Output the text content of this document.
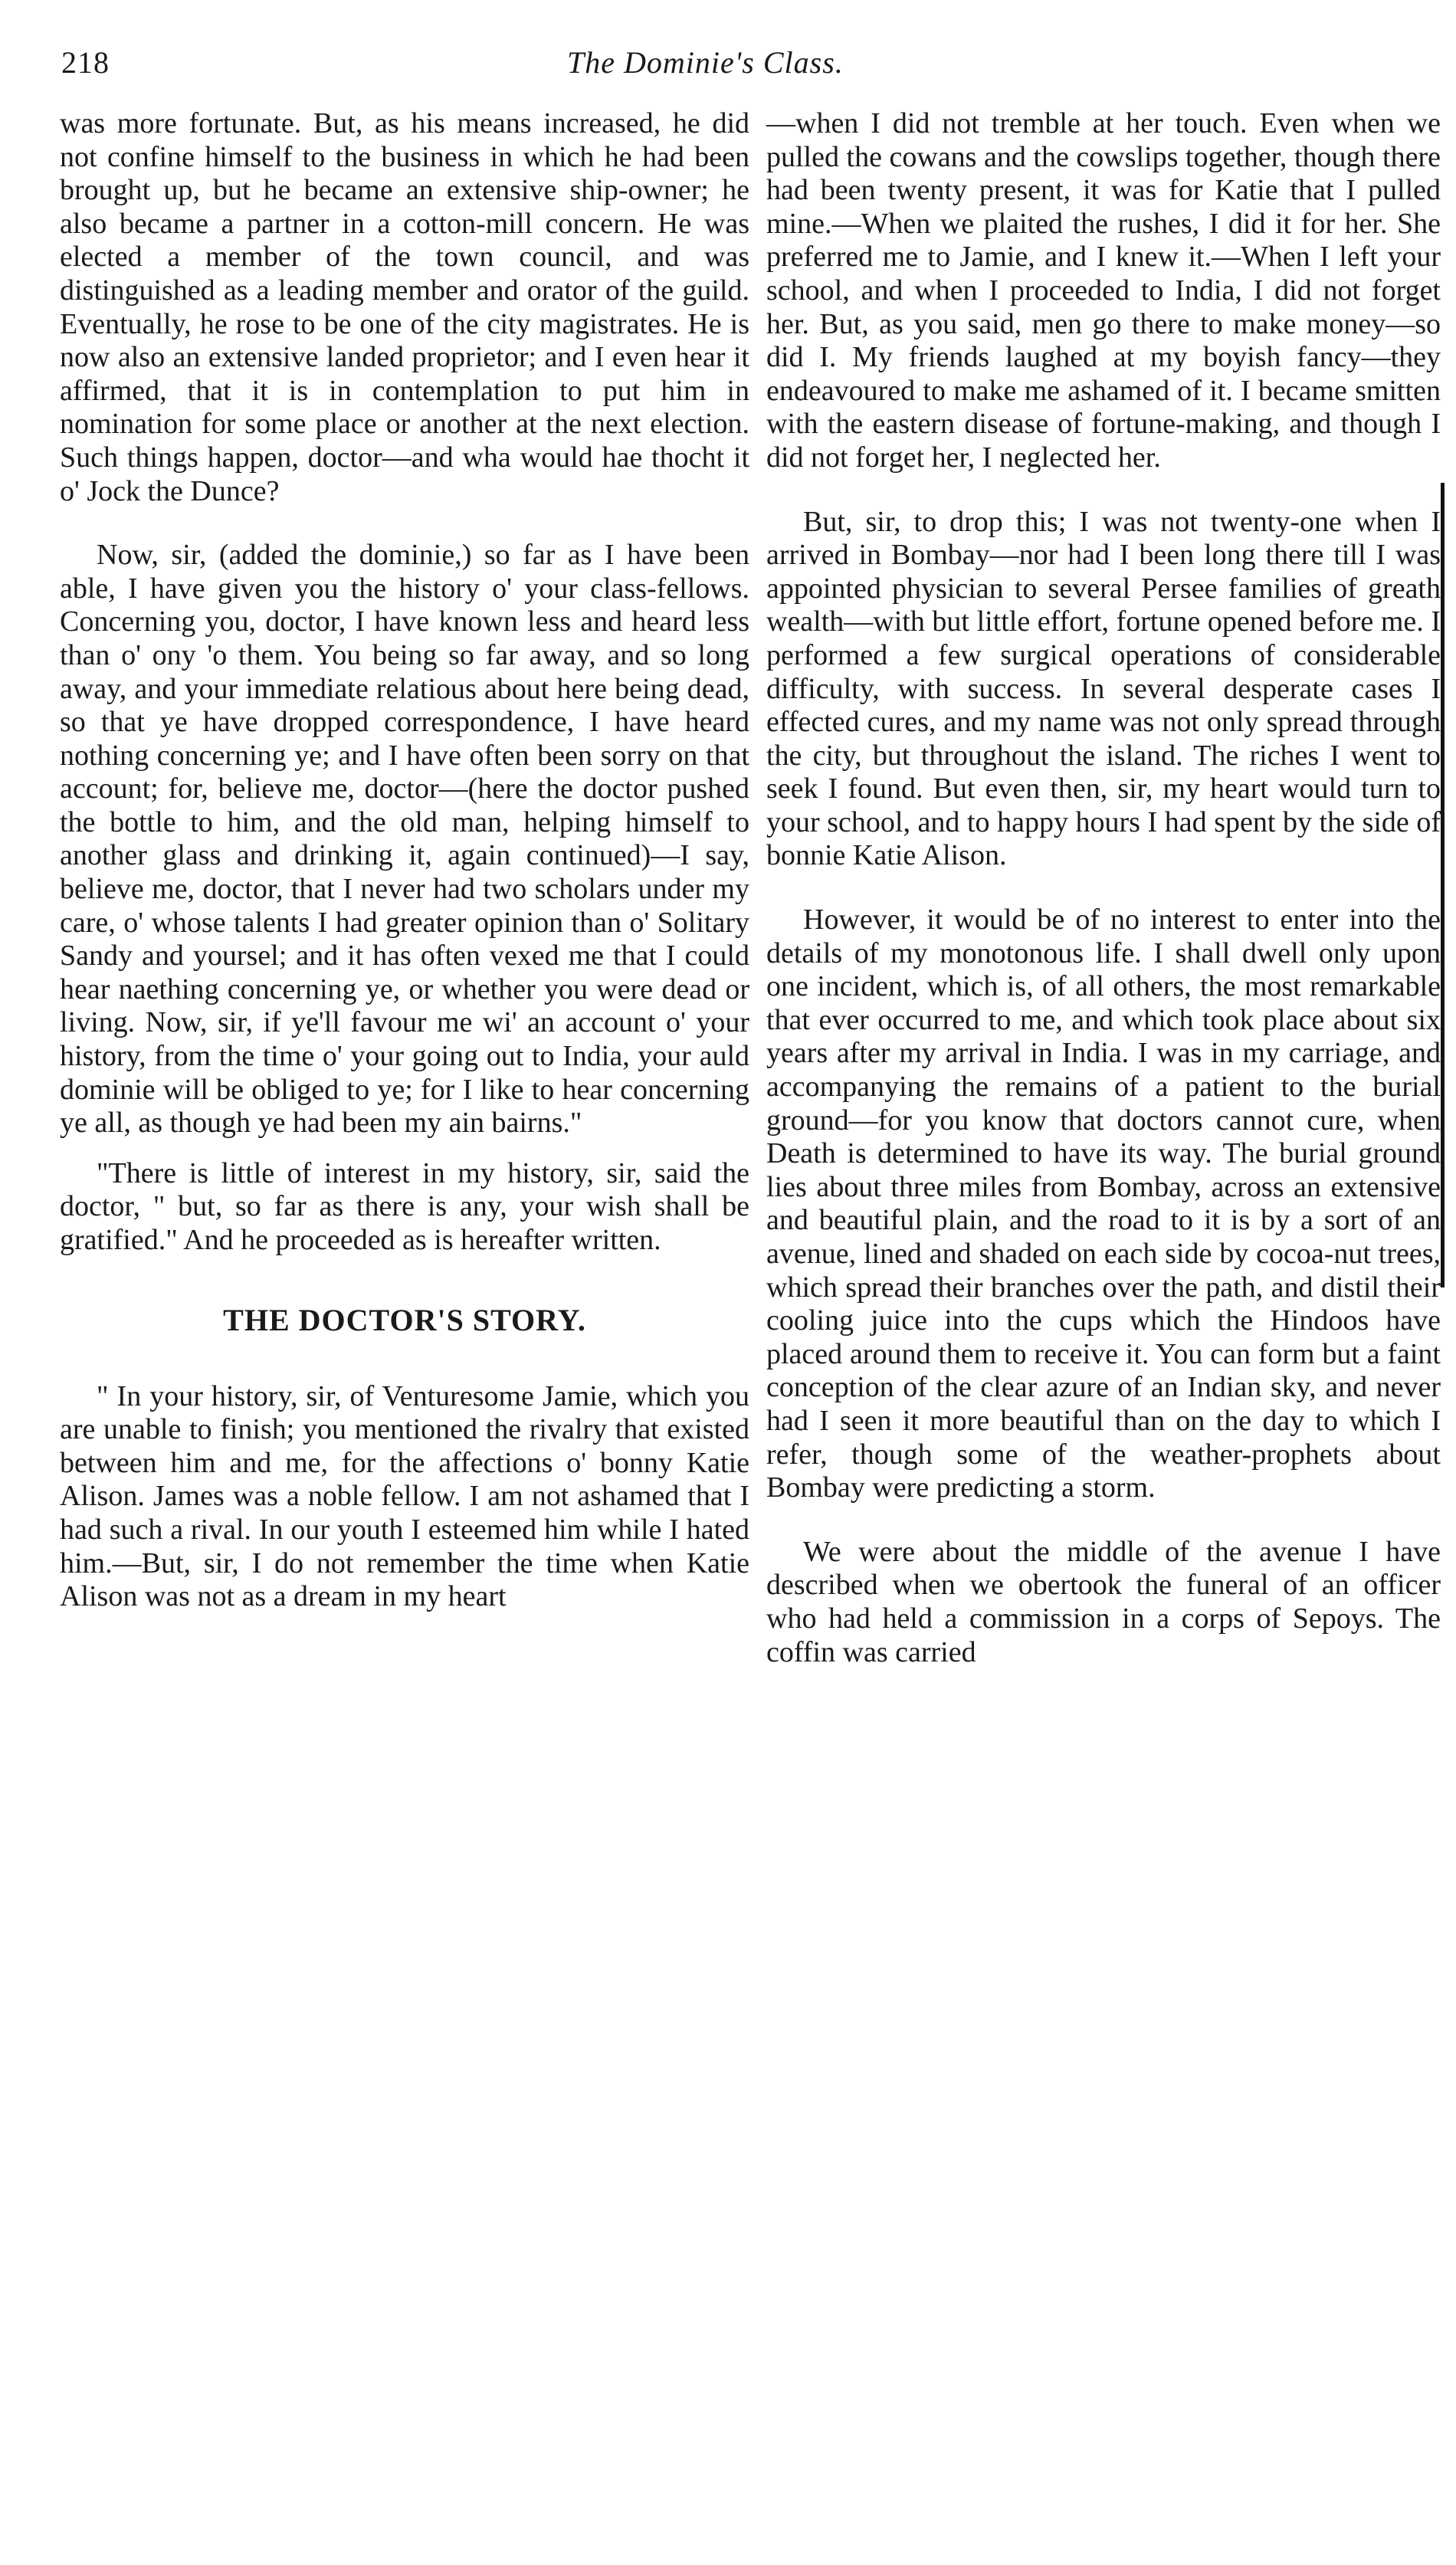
218	The Dominie's Class.

was more fortunate. But, as his means increased, he did not confine himself to the business in which he had been brought up, but he became an extensive ship-owner; he also became a partner in a cotton-mill concern. He was elected a member of the town council, and was distinguished as a leading member and orator of the guild. Eventually, he rose to be one of the city magistrates. He is now also an extensive landed proprietor; and I even hear it affirmed, that it is in contemplation to put him in nomination for some place or another at the next election. Such things happen, doctor—and wha would hae thocht it o' Jock the Dunce?

Now, sir, (added the dominie,) so far as I have been able, I have given you the history o' your class-fellows. Concerning you, doctor, I have known less and heard less than o' ony 'o them. You being so far away, and so long away, and your immediate relatious about here being dead, so that ye have dropped correspondence, I have heard nothing concerning ye; and I have often been sorry on that account; for, believe me, doctor—(here the doctor pushed the bottle to him, and the old man, helping himself to another glass and drinking it, again continued)—I say, believe me, doctor, that I never had two scholars under my care, o' whose talents I had greater opinion than o' Solitary Sandy and yoursel; and it has often vexed me that I could hear naething concerning ye, or whether you were dead or living. Now, sir, if ye'll favour me wi' an account o' your history, from the time o' your going out to India, your auld dominie will be obliged to ye; for I like to hear concerning ye all, as though ye had been my ain bairns."

"There is little of interest in my history, sir, said the doctor, " but, so far as there is any, your wish shall be gratified." And he proceeded as is hereafter written.

THE DOCTOR'S STORY.

" In your history, sir, of Venturesome Jamie, which you are unable to finish; you mentioned the rivalry that existed between him and me, for the affections o' bonny Katie Alison. James was a noble fellow. I am not ashamed that I had such a rival. In our youth I esteemed him while I hated him.—But, sir, I do not remember the time when Katie Alison was not as a dream in my heart

—when I did not tremble at her touch. Even when we pulled the cowans and the cowslips together, though there had been twenty present, it was for Katie that I pulled mine.—When we plaited the rushes, I did it for her. She preferred me to Jamie, and I knew it.—When I left your school, and when I proceeded to India, I did not forget her. But, as you said, men go there to make money—so did I. My friends laughed at my boyish fancy—they endeavoured to make me ashamed of it. I became smitten with the eastern disease of fortune-making, and though I did not forget her, I neglected her.

But, sir, to drop this; I was not twenty-one when I arrived in Bombay—nor had I been long there till I was appointed physician to several Persee families of greath wealth—with but little effort, fortune opened before me. I performed a few surgical operations of considerable difficulty, with success. In several desperate cases I effected cures, and my name was not only spread through the city, but throughout the island. The riches I went to seek I found. But even then, sir, my heart would turn to your school, and to happy hours I had spent by the side of bonnie Katie Alison.

However, it would be of no interest to enter into the details of my monotonous life. I shall dwell only upon one incident, which is, of all others, the most remarkable that ever occurred to me, and which took place about six years after my arrival in India. I was in my carriage, and accompanying the remains of a patient to the burial ground—for you know that doctors cannot cure, when Death is determined to have its way. The burial ground lies about three miles from Bombay, across an extensive and beautiful plain, and the road to it is by a sort of an avenue, lined and shaded on each side by cocoa-nut trees, which spread their branches over the path, and distil their cooling juice into the cups which the Hindoos have placed around them to receive it. You can form but a faint conception of the clear azure of an Indian sky, and never had I seen it more beautiful than on the day to which I refer, though some of the weather-prophets about Bombay were predicting a storm.

We were about the middle of the avenue I have described when we obertook the funeral of an officer who had held a commission in a corps of Sepoys. The coffin was carried
